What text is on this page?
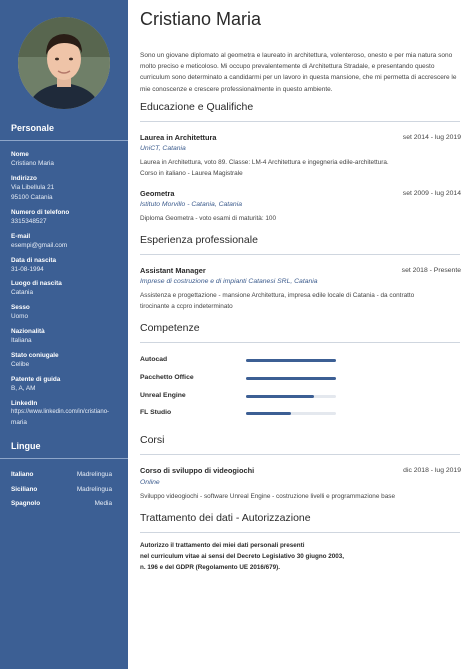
Personale
Nome
Cristiano Maria
Indirizzo
Via Libellula 21
95100 Catania
Numero di telefono
3315348527
E-mail
esempi@gmail.com
Data di nascita
31-08-1994
Luogo di nascita
Catania
Sesso
Uomo
Nazionalità
Italiana
Stato coniugale
Celibe
Patente di guida
B, A, AM
LinkedIn
https://www.linkedin.com/in/cristiano-
maria
Lingue
Italiano	Madrelingua
Siciliano	Madrelingua
Spagnolo	Media
Cristiano Maria
Sono un giovane diplomato al geometra e laureato in architettura, volenteroso, onesto e per mia natura sono molto preciso e meticoloso. Mi occupo prevalentemente di Architettura Stradale, e presentando questo curriculum sono determinato a candidarmi per un lavoro in questa mansione, che mi permetta di accrescere le mie conoscenze e crescere professionalmente in questo ambiente.
Educazione e Qualifiche
Laurea in Architettura	set 2014 - lug 2019
UniCT, Catania
Laurea in Architettura, voto 89. Classe: LM-4 Architettura e ingegneria edile-architettura.
Corso in italiano - Laurea Magistrale
Geometra	set 2009 - lug 2014
Istituto Morvillo - Catania, Catania
Diploma Geometra - voto esami di maturità: 100
Esperienza professionale
Assistant Manager	set 2018 - Presente
Imprese di costruzione e di impianti Catanesi SRL, Catania
Assistenza e progettazione - mansione Architettura, impresa edile locale di Catania - da contratto
tirocinante a ccpro indeterminato
Competenze
Autocad
Pacchetto Office
Unreal Engine
FL Studio
Corsi
Corso di sviluppo di videogiochi	dic 2018 - lug 2019
Online
Sviluppo videogiochi - software Unreal Engine - costruzione livelli e programmazione base
Trattamento dei dati - Autorizzazione
Autorizzo il trattamento dei miei dati personali presenti
nel curriculum vitae ai sensi del Decreto Legislativo 30 giugno 2003,
n. 196 e del GDPR (Regolamento UE 2016/679).
